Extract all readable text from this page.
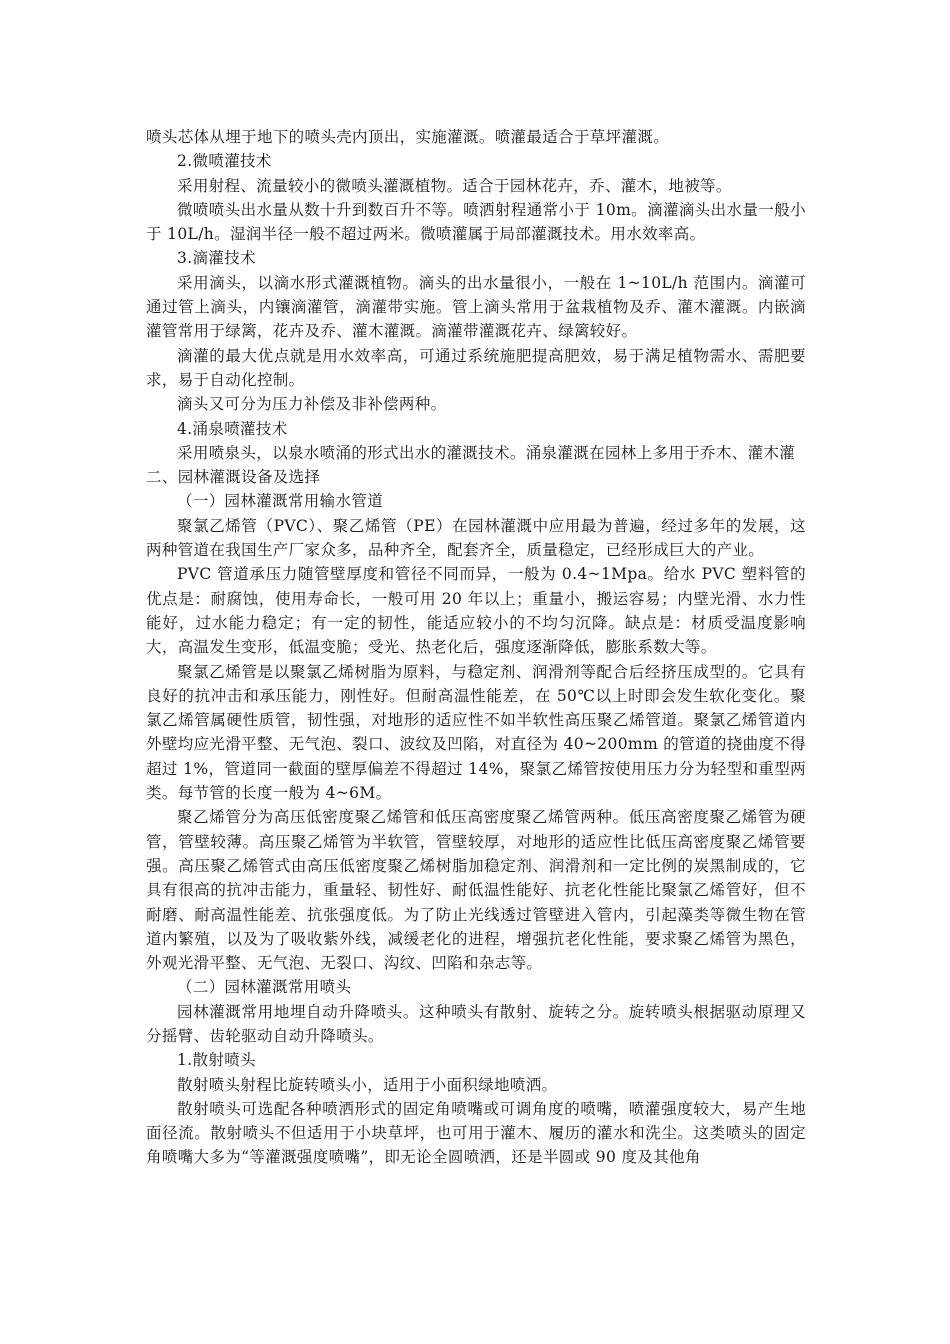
喷头芯体从埋于地下的喷头壳内顶出，实施灌溉。喷灌最适合于草坪灌溉。

2.微喷灌技术

采用射程、流量较小的微喷头灌溉植物。适合于园林花卉，乔、灌木，地被等。

微喷喷头出水量从数十升到数百升不等。喷洒射程通常小于 10m。滴灌滴头出水量一般小于 10L/h。湿润半径一般不超过两米。微喷灌属于局部灌溉技术。用水效率高。

3.滴灌技术

采用滴头，以滴水形式灌溉植物。滴头的出水量很小，一般在 1~10L/h 范围内。滴灌可通过管上滴头，内镶滴灌管，滴灌带实施。管上滴头常用于盆栽植物及乔、灌木灌溉。内嵌滴灌管常用于绿篱，花卉及乔、灌木灌溉。滴灌带灌溉花卉、绿篱较好。

滴灌的最大优点就是用水效率高，可通过系统施肥提高肥效，易于满足植物需水、需肥要求，易于自动化控制。

滴头又可分为压力补偿及非补偿两种。

4.涌泉喷灌技术

采用喷泉头，以泉水喷涌的形式出水的灌溉技术。涌泉灌溉在园林上多用于乔木、灌木灌

二、园林灌溉设备及选择

（一）园林灌溉常用输水管道

聚氯乙烯管（PVC）、聚乙烯管（PE）在园林灌溉中应用最为普遍，经过多年的发展，这两种管道在我国生产厂家众多，品种齐全，配套齐全，质量稳定，已经形成巨大的产业。

PVC 管道承压力随管壁厚度和管径不同而异，一般为 0.4~1Mpa。给水 PVC 塑料管的优点是：耐腐蚀，使用寿命长，一般可用 20 年以上；重量小，搬运容易；内壁光滑、水力性能好，过水能力稳定；有一定的韧性，能适应较小的不均匀沉降。缺点是：材质受温度影响大，高温发生变形，低温变脆；受光、热老化后，强度逐渐降低，膨胀系数大等。

聚氯乙烯管是以聚氯乙烯树脂为原料，与稳定剂、润滑剂等配合后经挤压成型的。它具有良好的抗冲击和承压能力，刚性好。但耐高温性能差，在 50℃以上时即会发生软化变化。聚氯乙烯管属硬性质管，韧性强，对地形的适应性不如半软性高压聚乙烯管道。聚氯乙烯管道内外壁均应光滑平整、无气泡、裂口、波纹及凹陷，对直径为 40~200mm 的管道的挠曲度不得超过 1%，管道同一截面的壁厚偏差不得超过 14%，聚氯乙烯管按使用压力分为轻型和重型两类。每节管的长度一般为 4~6M。

聚乙烯管分为高压低密度聚乙烯管和低压高密度聚乙烯管两种。低压高密度聚乙烯管为硬管，管壁较薄。高压聚乙烯管为半软管，管壁较厚，对地形的适应性比低压高密度聚乙烯管要强。高压聚乙烯管式由高压低密度聚乙烯树脂加稳定剂、润滑剂和一定比例的炭黑制成的，它具有很高的抗冲击能力，重量轻、韧性好、耐低温性能好、抗老化性能比聚氯乙烯管好，但不耐磨、耐高温性能差、抗张强度低。为了防止光线透过管壁进入管内，引起藻类等微生物在管道内繁殖，以及为了吸收紫外线，减缓老化的进程，增强抗老化性能，要求聚乙烯管为黑色，外观光滑平整、无气泡、无裂口、沟纹、凹陷和杂志等。

（二）园林灌溉常用喷头

园林灌溉常用地埋自动升降喷头。这种喷头有散射、旋转之分。旋转喷头根据驱动原理又分摇臂、齿轮驱动自动升降喷头。

1.散射喷头

散射喷头射程比旋转喷头小，适用于小面积绿地喷洒。

散射喷头可选配各种喷洒形式的固定角喷嘴或可调角度的喷嘴，喷灌强度较大，易产生地面径流。散射喷头不但适用于小块草坪，也可用于灌木、履历的灌水和洗尘。这类喷头的固定角喷嘴大多为“等灌溉强度喷嘴”，即无论全圆喷洒，还是半圆或 90 度及其他角
